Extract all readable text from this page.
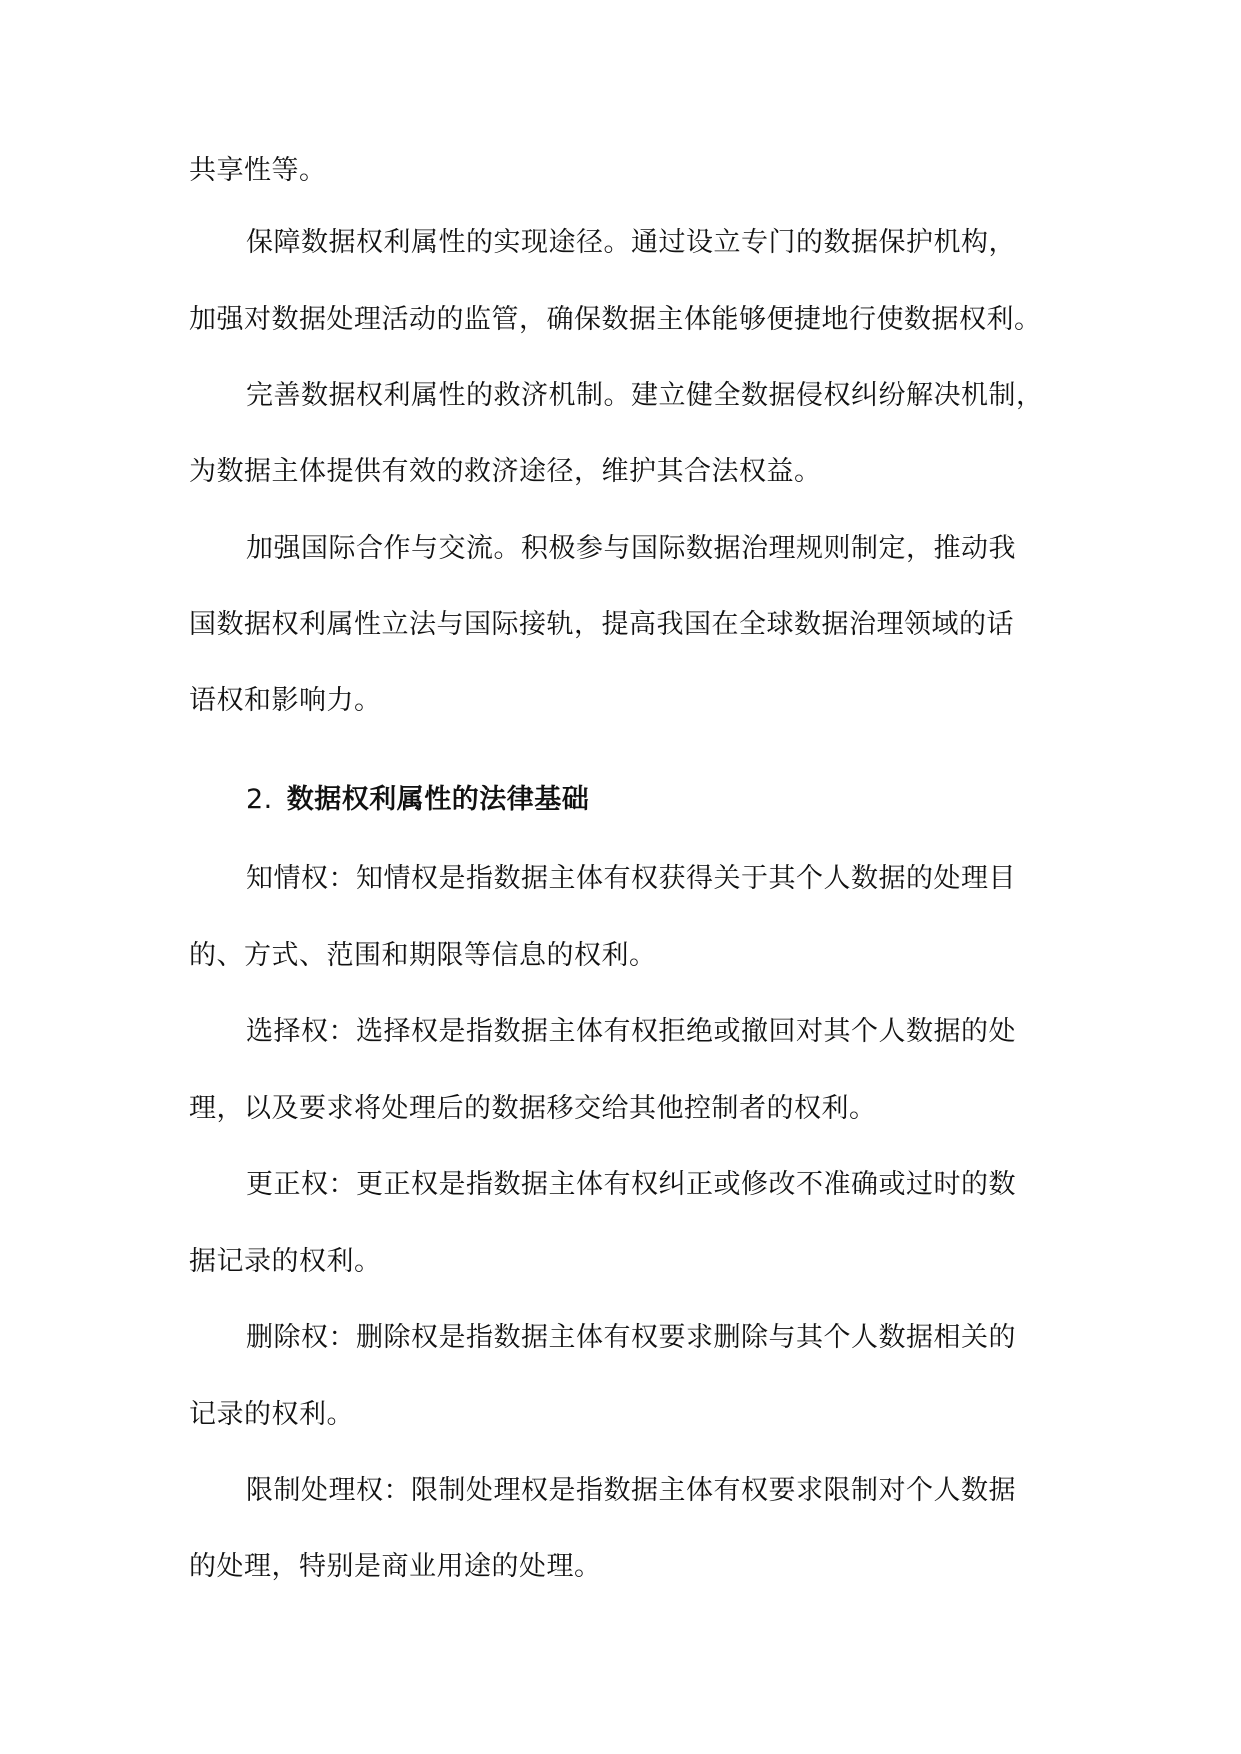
共享性等。
保障数据权利属性的实现途径。通过设立专门的数据保护机构，
加强对数据处理活动的监管，确保数据主体能够便捷地行使数据权利。
完善数据权利属性的救济机制。建立健全数据侵权纠纷解决机制，
为数据主体提供有效的救济途径，维护其合法权益。
加强国际合作与交流。积极参与国际数据治理规则制定，推动我
国数据权利属性立法与国际接轨，提高我国在全球数据治理领域的话
语权和影响力。
2. 数据权利属性的法律基础
知情权：知情权是指数据主体有权获得关于其个人数据的处理目
的、方式、范围和期限等信息的权利。
选择权：选择权是指数据主体有权拒绝或撤回对其个人数据的处
理，以及要求将处理后的数据移交给其他控制者的权利。
更正权：更正权是指数据主体有权纠正或修改不准确或过时的数
据记录的权利。
删除权：删除权是指数据主体有权要求删除与其个人数据相关的
记录的权利。
限制处理权：限制处理权是指数据主体有权要求限制对个人数据
的处理，特别是商业用途的处理。
